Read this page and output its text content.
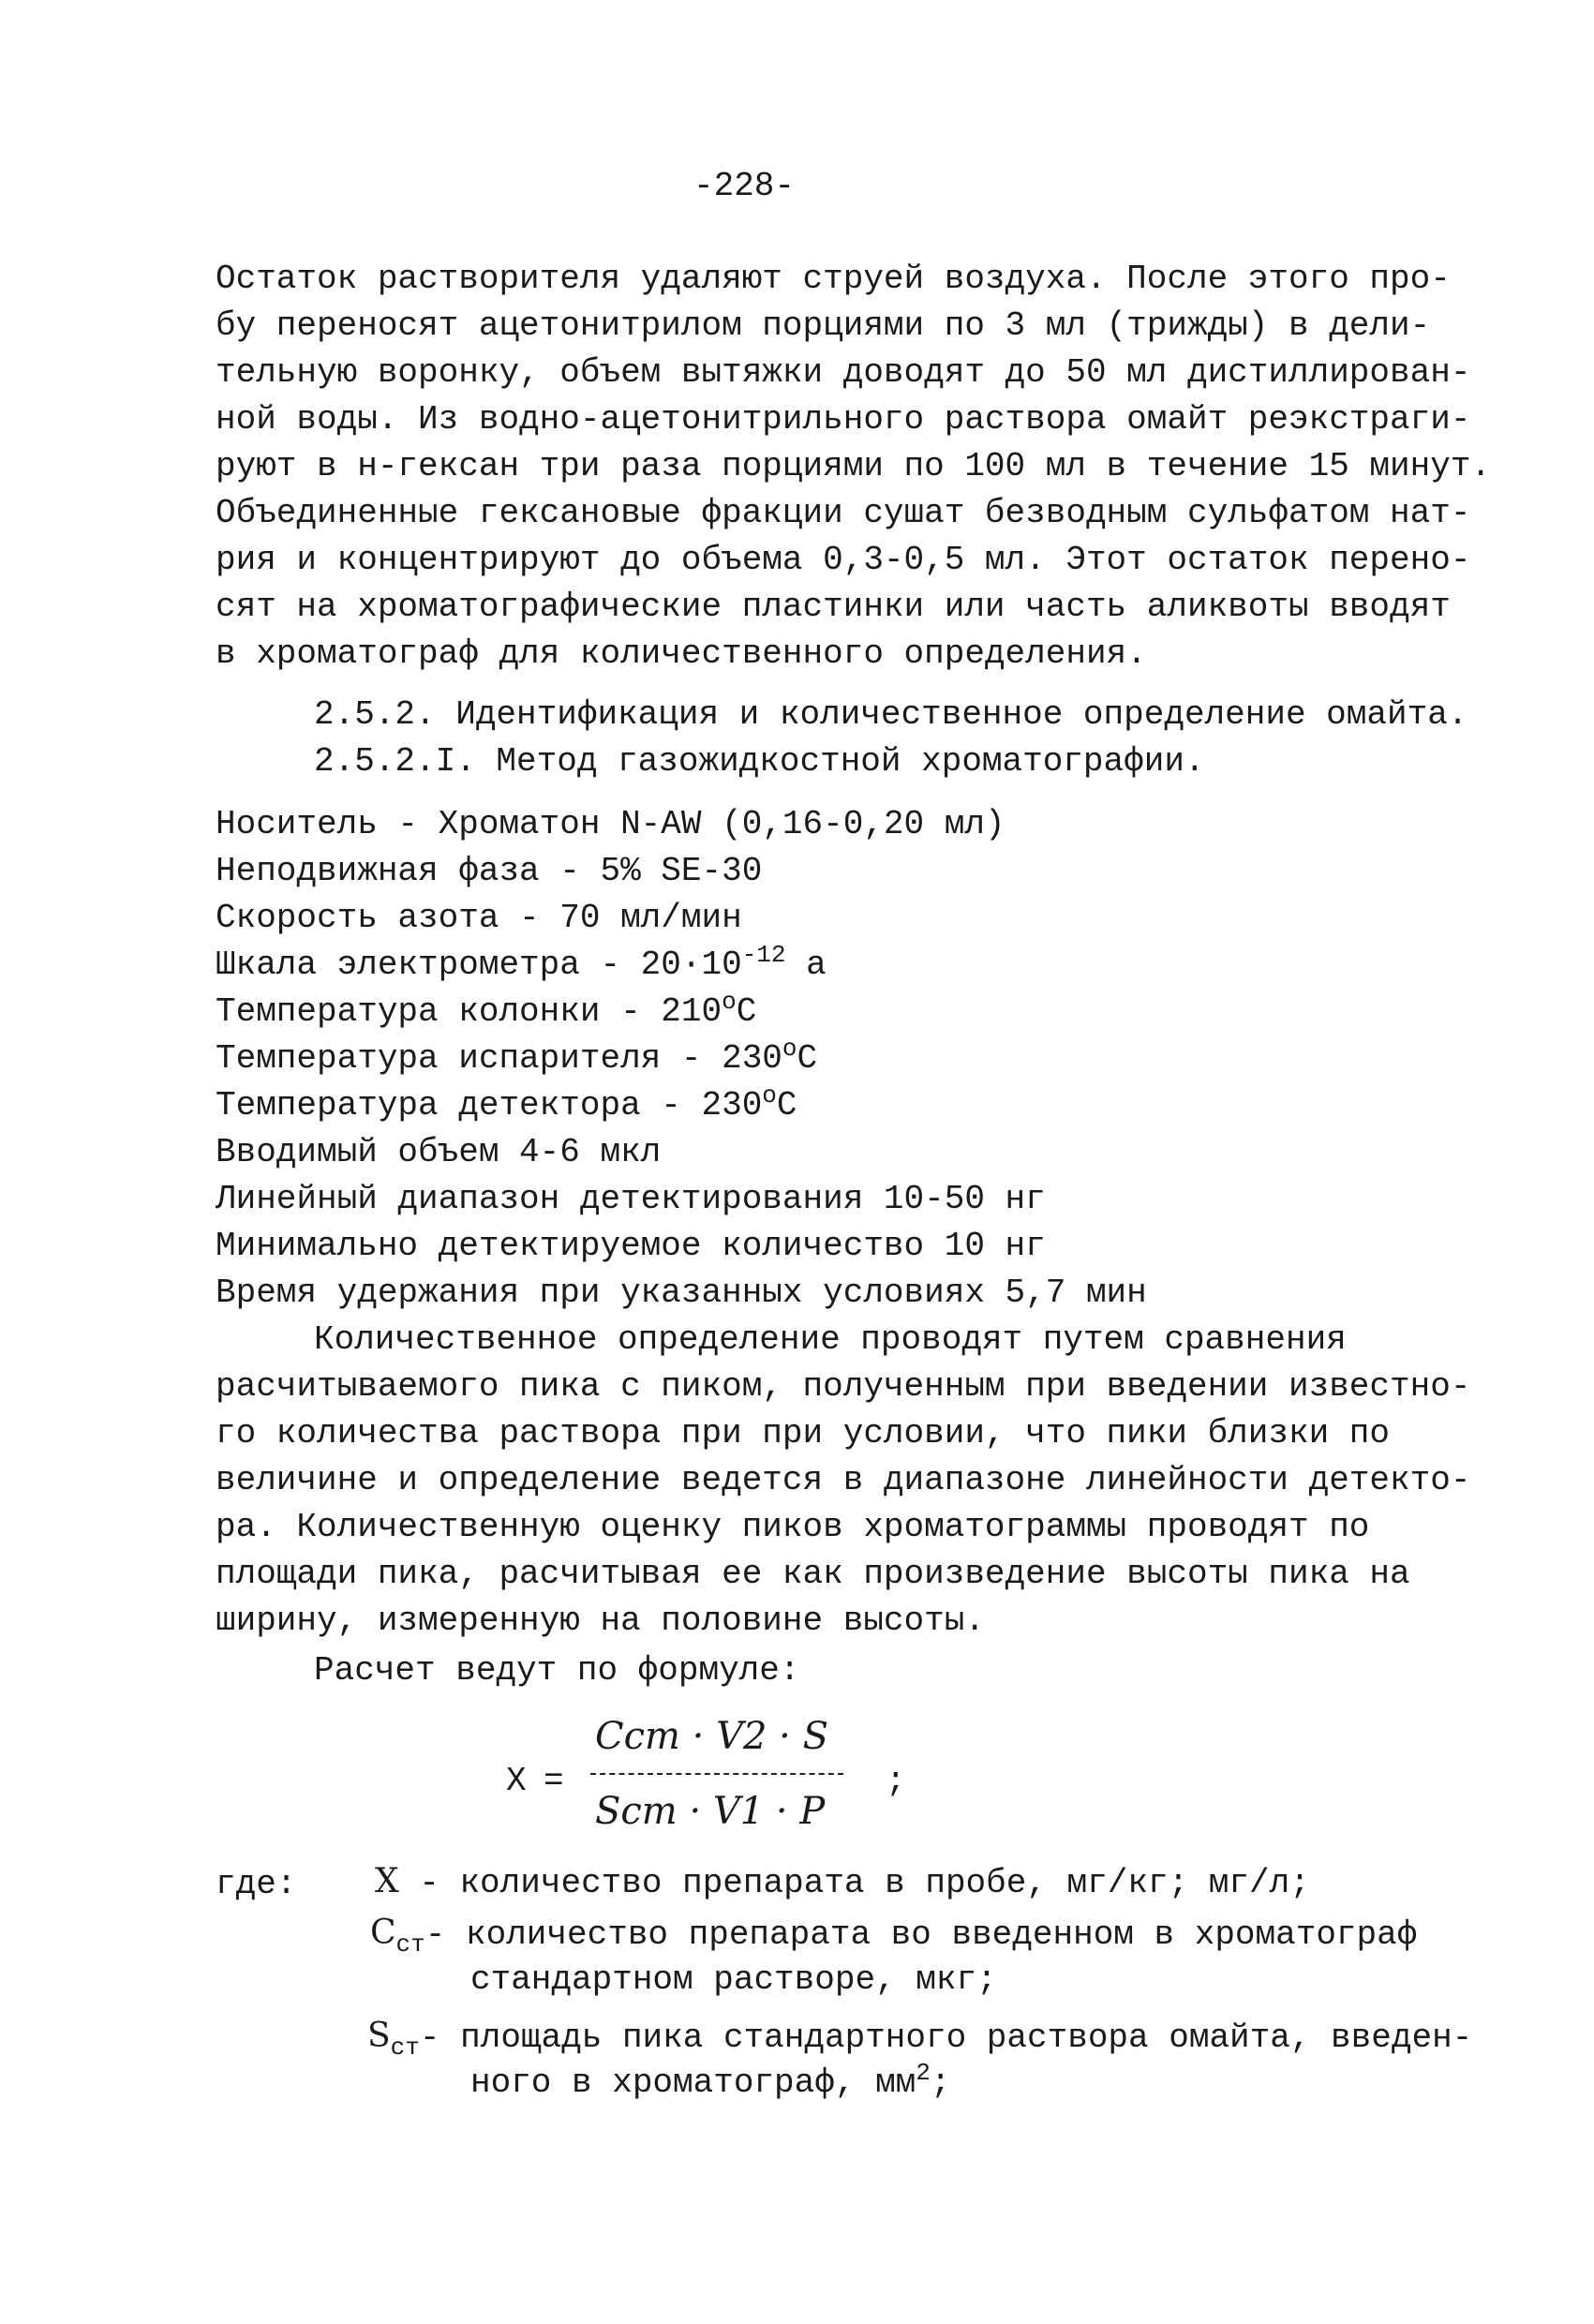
-228-
Остаток растворителя удаляют струей воздуха. После этого про-
бу переносят ацетонитрилом порциями по 3 мл (трижды) в дели-
тельную воронку, объем вытяжки доводят до 50 мл дистиллирован-
ной воды. Из водно-ацетонитрильного раствора омайт реэкстраги-
руют в н-гексан три раза порциями по 100 мл в течение 15 минут.
Объединенные гексановые фракции сушат безводным сульфатом нат-
рия и концентрируют до объема 0,3-0,5 мл. Этот остаток перено-
сят на хроматографические пластинки или часть аликвоты вводят
в хроматограф для количественного определения.
2.5.2. Идентификация и количественное определение омайта.
2.5.2.I. Метод газожидкостной хроматографии.
Носитель - Хроматон N-AW (0,16-0,20 мл)
Неподвижная фаза - 5% SE-30
Скорость азота - 70 мл/мин
Шкала электрометра - $20\cdot 10^{-12}$ а
Температура колонки - 210$^o$C
Температура испарителя - 230$^o$C
Температура детектора - 230$^o$C
Вводимый объем 4-6 мкл
Линейный диапазон детектирования 10-50 нг
Минимально детектируемое количество 10 нг
Время удержания при указанных условиях 5,7 мин
Количественное определение проводят путем сравнения
расчитываемого пика с пиком, полученным при введении известно-
го количества раствора при при условии, что пики близки по
величине и определение ведется в диапазоне линейности детекто-
ра. Количественную оценку пиков хроматограммы проводят по
площади пика, расчитывая ее как произведение высоты пика на
ширину, измеренную на половине высоты.
Расчет ведут по формуле:
X =
Cст · V2 · S
Sст · V1 · P
;
где: X - количество препарата в пробе, мг/кг; мг/л;
$C_{ст}-$ количество препарата во введенном в хроматограф
стандартном растворе, мкг;
$S_{ст}-$ площадь пика стандартного раствора омайта, введен-
ного в хроматограф, $мм^2$;
